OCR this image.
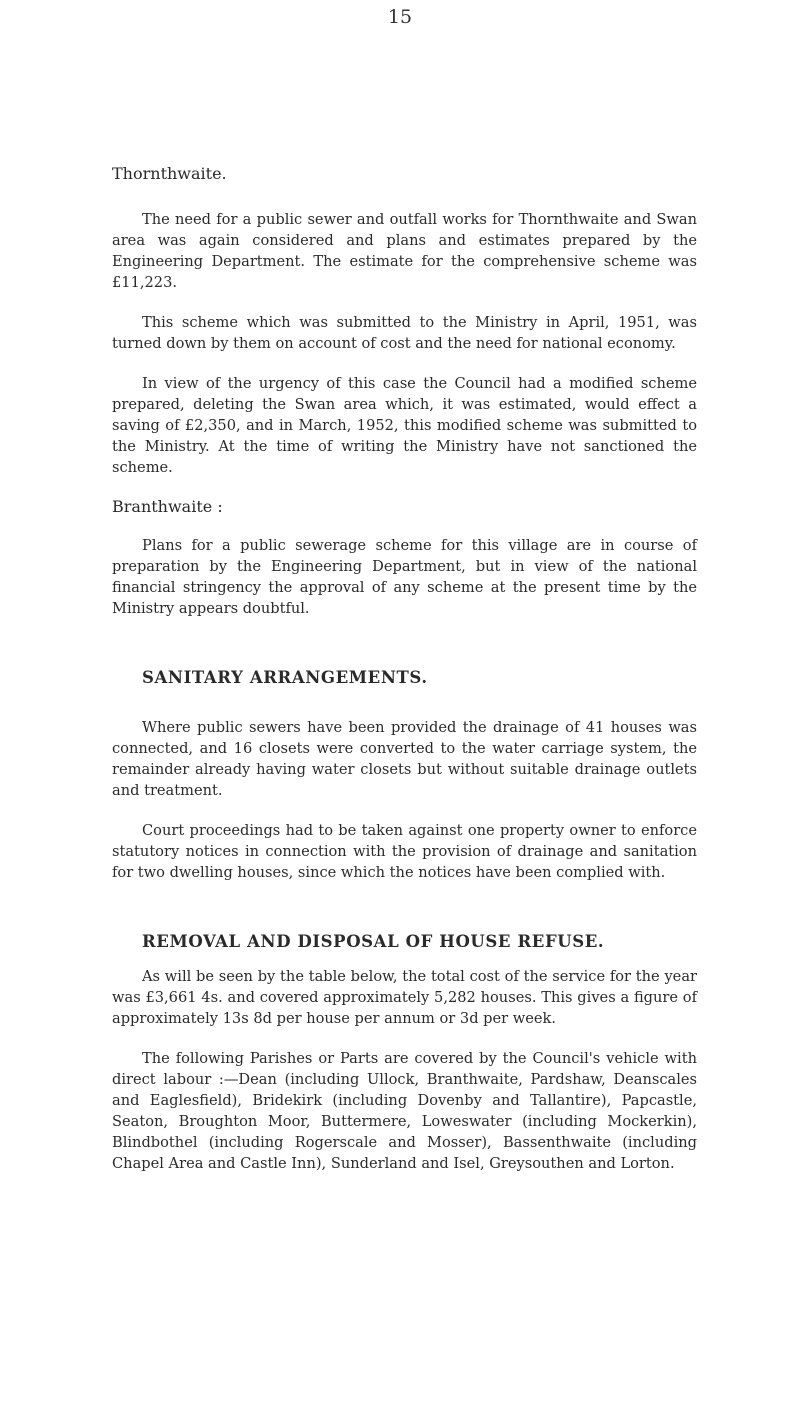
15

Thornthwaite.

The need for a public sewer and outfall works for Thornthwaite and Swan area was again considered and plans and estimates prepared by the Engineering Department. The estimate for the comprehensive scheme was £11,223.

This scheme which was submitted to the Ministry in April, 1951, was turned down by them on account of cost and the need for national economy.

In view of the urgency of this case the Council had a modified scheme prepared, deleting the Swan area which, it was estimated, would effect a saving of £2,350, and in March, 1952, this modified scheme was submitted to the Ministry. At the time of writing the Ministry have not sanctioned the scheme.

Branthwaite :

Plans for a public sewerage scheme for this village are in course of preparation by the Engineering Department, but in view of the national financial stringency the approval of any scheme at the present time by the Ministry appears doubtful.

SANITARY ARRANGEMENTS.

Where public sewers have been provided the drainage of 41 houses was connected, and 16 closets were converted to the water carriage system, the remainder already having water closets but without suitable drainage outlets and treatment.

Court proceedings had to be taken against one property owner to enforce statutory notices in connection with the provision of drainage and sanitation for two dwelling houses, since which the notices have been complied with.

REMOVAL AND DISPOSAL OF HOUSE REFUSE.

As will be seen by the table below, the total cost of the service for the year was £3,661 4s. and covered approximately 5,282 houses. This gives a figure of approximately 13s 8d per house per annum or 3d per week.

The following Parishes or Parts are covered by the Council's vehicle with direct labour :—Dean (including Ullock, Branthwaite, Pardshaw, Deanscales and Eaglesfield), Bridekirk (including Dovenby and Tallantire), Papcastle, Seaton, Broughton Moor, Buttermere, Loweswater (including Mockerkin), Blindbothel (including Rogerscale and Mosser), Bassenthwaite (including Chapel Area and Castle Inn), Sunderland and Isel, Greysouthen and Lorton.
